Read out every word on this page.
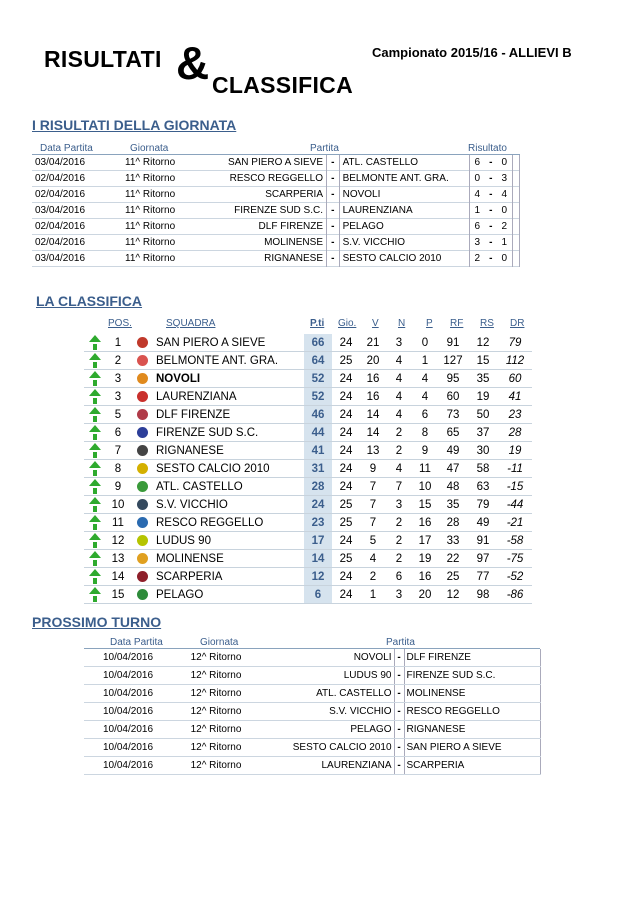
RISULTATI & CLASSIFICA
Campionato 2015/16 - ALLIEVI B
I RISULTATI DELLA GIORNATA
Data Partita	Giornata	Partita	Risultato
03/04/2016	11^ Ritorno	SAN PIERO A SIEVE	-	ATL. CASTELLO	6	-	0	
02/04/2016	11^ Ritorno	RESCO REGGELLO	-	BELMONTE ANT. GRA.	0	-	3	
02/04/2016	11^ Ritorno	SCARPERIA	-	NOVOLI	4	-	4	
03/04/2016	11^ Ritorno	FIRENZE SUD S.C.	-	LAURENZIANA	1	-	0	
02/04/2016	11^ Ritorno	DLF FIRENZE	-	PELAGO	6	-	2	
02/04/2016	11^ Ritorno	MOLINENSE	-	S.V. VICCHIO	3	-	1	
03/04/2016	11^ Ritorno	RIGNANESE	-	SESTO CALCIO 2010	2	-	0	
LA CLASSIFICA
POS.	SQUADRA	P.ti Gio. V N P RF RS DR
	1		SAN PIERO A SIEVE	66	24	21	3	0	91	12	79

	2		BELMONTE ANT. GRA.	64	25	20	4	1	127	15	112

	3		NOVOLI	52	24	16	4	4	95	35	60

	3		LAURENZIANA	52	24	16	4	4	60	19	41

	5		DLF FIRENZE	46	24	14	4	6	73	50	23

	6		FIRENZE SUD S.C.	44	24	14	2	8	65	37	28

	7		RIGNANESE	41	24	13	2	9	49	30	19

	8		SESTO CALCIO 2010	31	24	9	4	11	47	58	-11

	9		ATL. CASTELLO	28	24	7	7	10	48	63	-15

	10		S.V. VICCHIO	24	25	7	3	15	35	79	-44

	11		RESCO REGGELLO	23	25	7	2	16	28	49	-21

	12		LUDUS 90	17	24	5	2	17	33	91	-58

	13		MOLINENSE	14	25	4	2	19	22	97	-75

	14		SCARPERIA	12	24	2	6	16	25	77	-52

	15		PELAGO	6	24	1	3	20	12	98	-86
PROSSIMO TURNO
Data Partita	Giornata	Partita
10/04/2016	12^ Ritorno	NOVOLI	-	DLF FIRENZE
10/04/2016	12^ Ritorno	LUDUS 90	-	FIRENZE SUD S.C.
10/04/2016	12^ Ritorno	ATL. CASTELLO	-	MOLINENSE
10/04/2016	12^ Ritorno	S.V. VICCHIO	-	RESCO REGGELLO
10/04/2016	12^ Ritorno	PELAGO	-	RIGNANESE
10/04/2016	12^ Ritorno	SESTO CALCIO 2010	-	SAN PIERO A SIEVE
10/04/2016	12^ Ritorno	LAURENZIANA	-	SCARPERIA
